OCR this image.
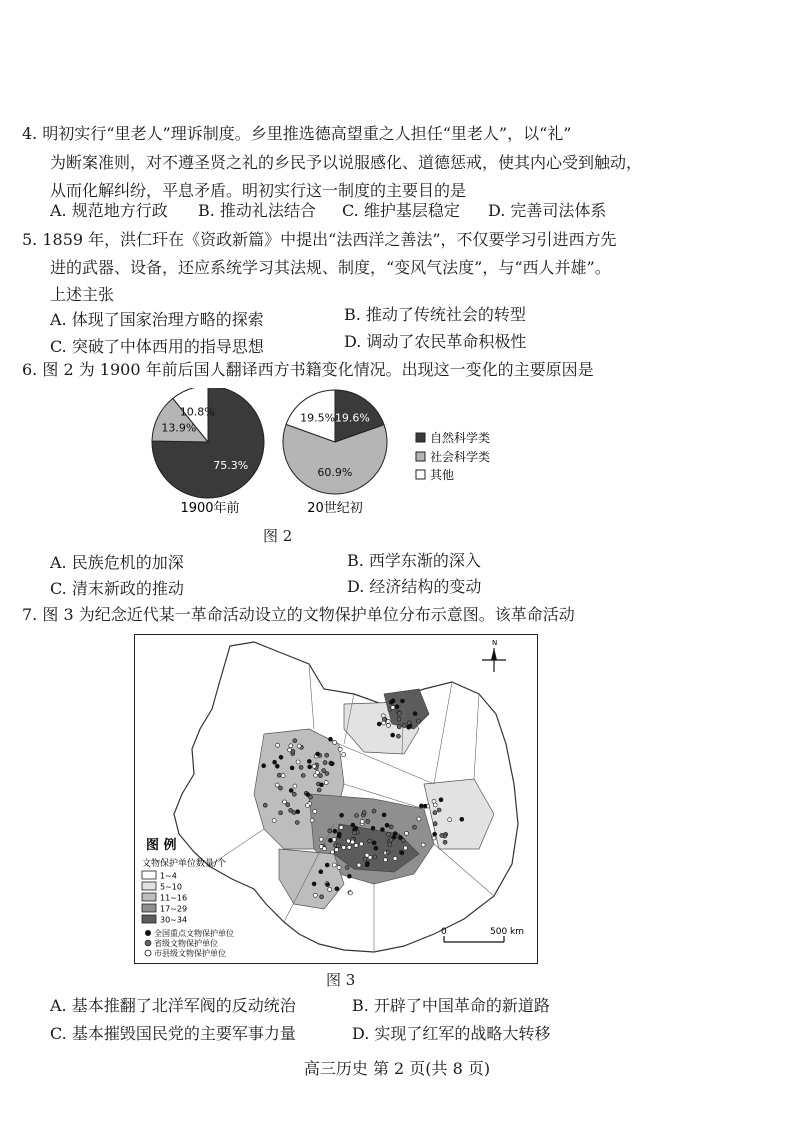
4. 明初实行“里老人”理诉制度。乡里推选德高望重之人担任“里老人”，以“礼”
为断案准则，对不遵圣贤之礼的乡民予以说服感化、道德惩戒，使其内心受到触动，
从而化解纠纷，平息矛盾。明初实行这一制度的主要目的是
A. 规范地方行政 B. 推动礼法结合 C. 维护基层稳定 D. 完善司法体系
5. 1859 年，洪仁玕在《资政新篇》中提出“法西洋之善法”，不仅要学习引进西方先
进的武器、设备，还应系统学习其法规、制度，“变风气法度”，与“西人并雄”。
上述主张
A. 体现了国家治理方略的探索	B. 推动了传统社会的转型
C. 突破了中体西用的指导思想	D. 调动了农民革命积极性
6. 图 2 为 1900 年前后国人翻译西方书籍变化情况。出现这一变化的主要原因是
75.3%
13.9%
10.8%	19.6%
60.9%
19.5%
1900年前	20世纪初
自然科学类
社会科学类
其他
图 2
A. 民族危机的加深	B. 西学东渐的深入
C. 清末新政的推动	D. 经济结构的变动
7. 图 3 为纪念近代某一革命活动设立的文物保护单位分布示意图。该革命活动
N
图 例
文物保护单位数量/个
1~4
5~10
11~16
17~29
30~34
全国重点文物保护单位
省级文物保护单位
市县级文物保护单位
0	500 km
图 3
A. 基本推翻了北洋军阀的反动统治	B. 开辟了中国革命的新道路
C. 基本摧毁国民党的主要军事力量	D. 实现了红军的战略大转移
高三历史 第 2 页(共 8 页)
